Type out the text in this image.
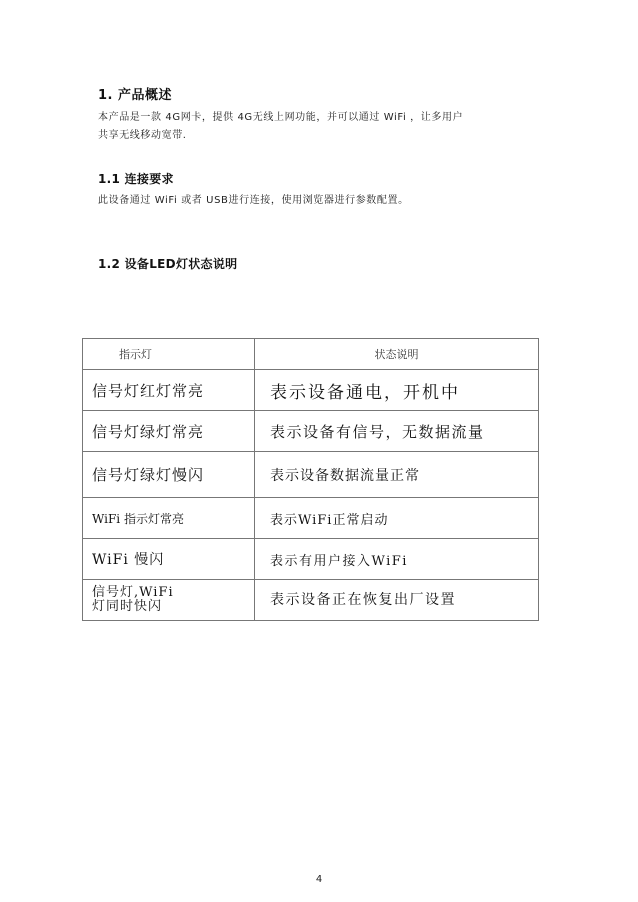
1. 产品概述
本产品是一款 4G网卡，提供 4G无线上网功能，并可以通过 WiFi ，让多用户
共享无线移动宽带.
1.1 连接要求
此设备通过 WiFi 或者 USB进行连接，使用浏览器进行参数配置。
1.2 设备LED灯状态说明
指示灯	状态说明
信号灯红灯常亮	表示设备通电，开机中
信号灯绿灯常亮	表示设备有信号，无数据流量
信号灯绿灯慢闪	表示设备数据流量正常
WiFi 指示灯常亮	表示WiFi正常启动
WiFi 慢闪	表示有用户接入WiFi

信号灯,WiFi
灯同时快闪	表示设备正在恢复出厂设置
4
